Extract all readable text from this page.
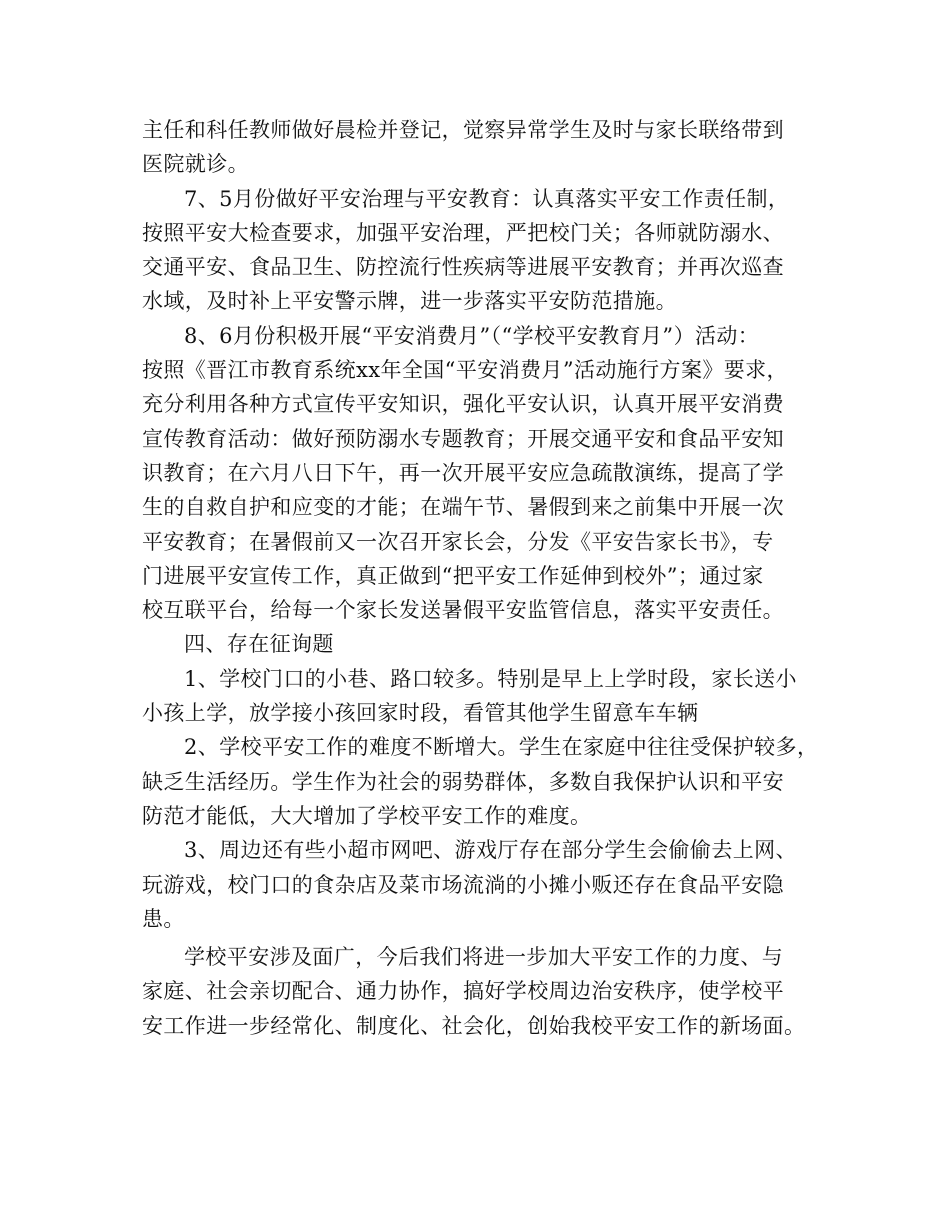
主任和科任教师做好晨检并登记，觉察异常学生及时与家长联络带到
医院就诊。

7、5月份做好平安治理与平安教育：认真落实平安工作责任制，
按照平安大检查要求，加强平安治理，严把校门关；各师就防溺水、
交通平安、食品卫生、防控流行性疾病等进展平安教育；并再次巡查
水域，及时补上平安警示牌，进一步落实平安防范措施。

8、6月份积极开展“平安消费月”（“学校平安教育月”）活动：
按照《晋江市教育系统xx年全国“平安消费月”活动施行方案》要求，
充分利用各种方式宣传平安知识，强化平安认识，认真开展平安消费
宣传教育活动：做好预防溺水专题教育；开展交通平安和食品平安知
识教育；在六月八日下午，再一次开展平安应急疏散演练，提高了学
生的自救自护和应变的才能；在端午节、暑假到来之前集中开展一次
平安教育；在暑假前又一次召开家长会，分发《平安告家长书》，专
门进展平安宣传工作，真正做到“把平安工作延伸到校外”；通过家
校互联平台，给每一个家长发送暑假平安监管信息，落实平安责任。

四、存在征询题

1、学校门口的小巷、路口较多。特别是早上上学时段，家长送小
小孩上学，放学接小孩回家时段，看管其他学生留意车车辆

2、学校平安工作的难度不断增大。学生在家庭中往往受保护较多，
缺乏生活经历。学生作为社会的弱势群体，多数自我保护认识和平安
防范才能低，大大增加了学校平安工作的难度。

3、周边还有些小超市网吧、游戏厅存在部分学生会偷偷去上网、
玩游戏，校门口的食杂店及菜市场流淌的小摊小贩还存在食品平安隐
患。

学校平安涉及面广，今后我们将进一步加大平安工作的力度、与
家庭、社会亲切配合、通力协作，搞好学校周边治安秩序，使学校平
安工作进一步经常化、制度化、社会化，创始我校平安工作的新场面。
